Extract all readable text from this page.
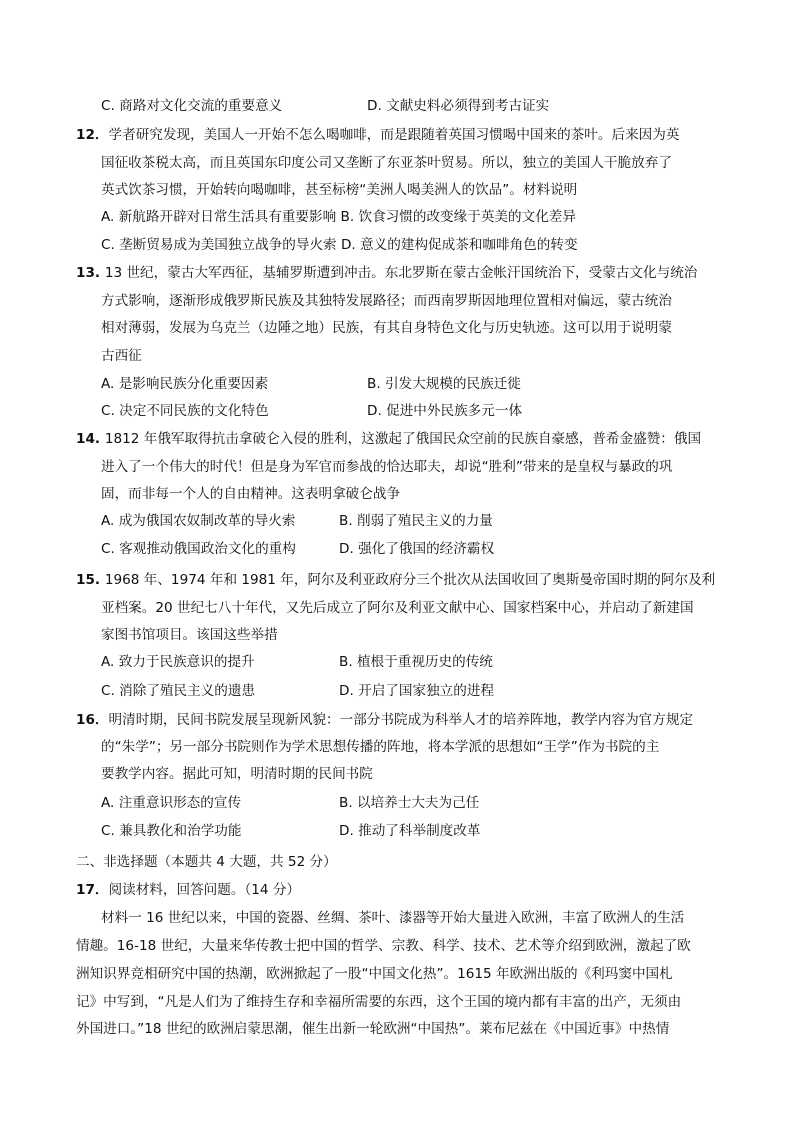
C. 商路对文化交流的重要意义	D. 文献史料必须得到考古证实
12．学者研究发现，美国人一开始不怎么喝咖啡，而是跟随着英国习惯喝中国来的茶叶。后来因为英
国征收茶税太高，而且英国东印度公司又垄断了东亚茶叶贸易。所以，独立的美国人干脆放弃了
英式饮茶习惯，开始转向喝咖啡，甚至标榜“美洲人喝美洲人的饮品”。材料说明
A. 新航路开辟对日常生活具有重要影响 B. 饮食习惯的改变缘于英美的文化差异
C. 垄断贸易成为美国独立战争的导火索 D. 意义的建构促成茶和咖啡角色的转变
13. 13 世纪，蒙古大军西征，基辅罗斯遭到冲击。东北罗斯在蒙古金帐汗国统治下，受蒙古文化与统治
方式影响，逐渐形成俄罗斯民族及其独特发展路径；而西南罗斯因地理位置相对偏远，蒙古统治
相对薄弱，发展为乌克兰（边陲之地）民族，有其自身特色文化与历史轨迹。这可以用于说明蒙
古西征
A. 是影响民族分化重要因素	B. 引发大规模的民族迁徙
C. 决定不同民族的文化特色	D. 促进中外民族多元一体
14. 1812 年俄军取得抗击拿破仑入侵的胜利，这激起了俄国民众空前的民族自豪感，普希金盛赞：俄国
进入了一个伟大的时代！但是身为军官而参战的恰达耶夫，却说“胜利”带来的是皇权与暴政的巩
固，而非每一个人的自由精神。这表明拿破仑战争
A. 成为俄国农奴制改革的导火索	B. 削弱了殖民主义的力量
C. 客观推动俄国政治文化的重构	D. 强化了俄国的经济霸权
15. 1968 年、1974 年和 1981 年，阿尔及利亚政府分三个批次从法国收回了奥斯曼帝国时期的阿尔及利
亚档案。20 世纪七八十年代，又先后成立了阿尔及利亚文献中心、国家档案中心，并启动了新建国
家图书馆项目。该国这些举措
A. 致力于民族意识的提升	B. 植根于重视历史的传统
C. 消除了殖民主义的遗患	D. 开启了国家独立的进程
16．明清时期，民间书院发展呈现新风貌：一部分书院成为科举人才的培养阵地，教学内容为官方规定
的“朱学”；另一部分书院则作为学术思想传播的阵地，将本学派的思想如“王学”作为书院的主
要教学内容。据此可知，明清时期的民间书院
A. 注重意识形态的宣传	B. 以培养士大夫为己任
C. 兼具教化和治学功能	D. 推动了科举制度改革
二、非选择题（本题共 4 大题，共 52 分）
17．阅读材料，回答问题。（14 分）
材料一 16 世纪以来，中国的瓷器、丝绸、茶叶、漆器等开始大量进入欧洲，丰富了欧洲人的生活
情趣。16-18 世纪，大量来华传教士把中国的哲学、宗教、科学、技术、艺术等介绍到欧洲，激起了欧
洲知识界竞相研究中国的热潮，欧洲掀起了一股“中国文化热”。1615 年欧洲出版的《利玛窦中国札
记》中写到，“凡是人们为了维持生存和幸福所需要的东西，这个王国的境内都有丰富的出产，无须由
外国进口。”18 世纪的欧洲启蒙思潮，催生出新一轮欧洲“中国热”。莱布尼兹在《中国近事》中热情
